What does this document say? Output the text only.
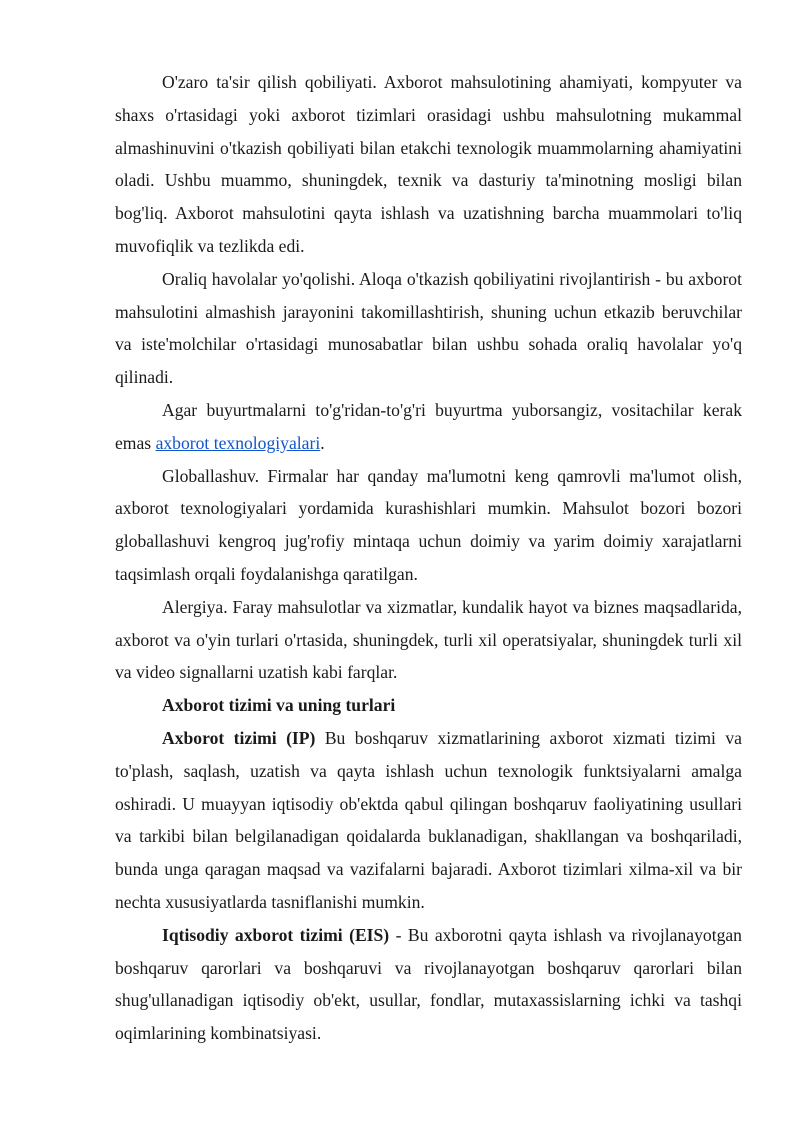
O'zaro ta'sir qilish qobiliyati. Axborot mahsulotining ahamiyati, kompyuter va shaxs o'rtasidagi yoki axborot tizimlari orasidagi ushbu mahsulotning mukammal almashinuvini o'tkazish qobiliyati bilan etakchi texnologik muammolarning ahamiyatini oladi. Ushbu muammo, shuningdek, texnik va dasturiy ta'minotning mosligi bilan bog'liq. Axborot mahsulotini qayta ishlash va uzatishning barcha muammolari to'liq muvofiqlik va tezlikda edi.

Oraliq havolalar yo'qolishi. Aloqa o'tkazish qobiliyatini rivojlantirish - bu axborot mahsulotini almashish jarayonini takomillashtirish, shuning uchun etkazib beruvchilar va iste'molchilar o'rtasidagi munosabatlar bilan ushbu sohada oraliq havolalar yo'q qilinadi.

Agar buyurtmalarni to'g'ridan-to'g'ri buyurtma yuborsangiz, vositachilar kerak emas axborot texnologiyalari.

Globallashuv. Firmalar har qanday ma'lumotni keng qamrovli ma'lumot olish, axborot texnologiyalari yordamida kurashishlari mumkin. Mahsulot bozori bozori globallashuvi kengroq jug'rofiy mintaqa uchun doimiy va yarim doimiy xarajatlarni taqsimlash orqali foydalanishga qaratilgan.

Alergiya. Faray mahsulotlar va xizmatlar, kundalik hayot va biznes maqsadlarida, axborot va o'yin turlari o'rtasida, shuningdek, turli xil operatsiyalar, shuningdek turli xil va video signallarni uzatish kabi farqlar.

Axborot tizimi va uning turlari

Axborot tizimi (IP) Bu boshqaruv xizmatlarining axborot xizmati tizimi va to'plash, saqlash, uzatish va qayta ishlash uchun texnologik funktsiyalarni amalga oshiradi. U muayyan iqtisodiy ob'ektda qabul qilingan boshqaruv faoliyatining usullari va tarkibi bilan belgilanadigan qoidalarda buklanadigan, shakllangan va boshqariladi, bunda unga qaragan maqsad va vazifalarni bajaradi. Axborot tizimlari xilma-xil va bir nechta xususiyatlarda tasniflanishi mumkin.

Iqtisodiy axborot tizimi (EIS) - Bu axborotni qayta ishlash va rivojlanayotgan boshqaruv qarorlari va boshqaruvi va rivojlanayotgan boshqaruv qarorlari bilan shug'ullanadigan iqtisodiy ob'ekt, usullar, fondlar, mutaxassislarning ichki va tashqi oqimlarining kombinatsiyasi.
